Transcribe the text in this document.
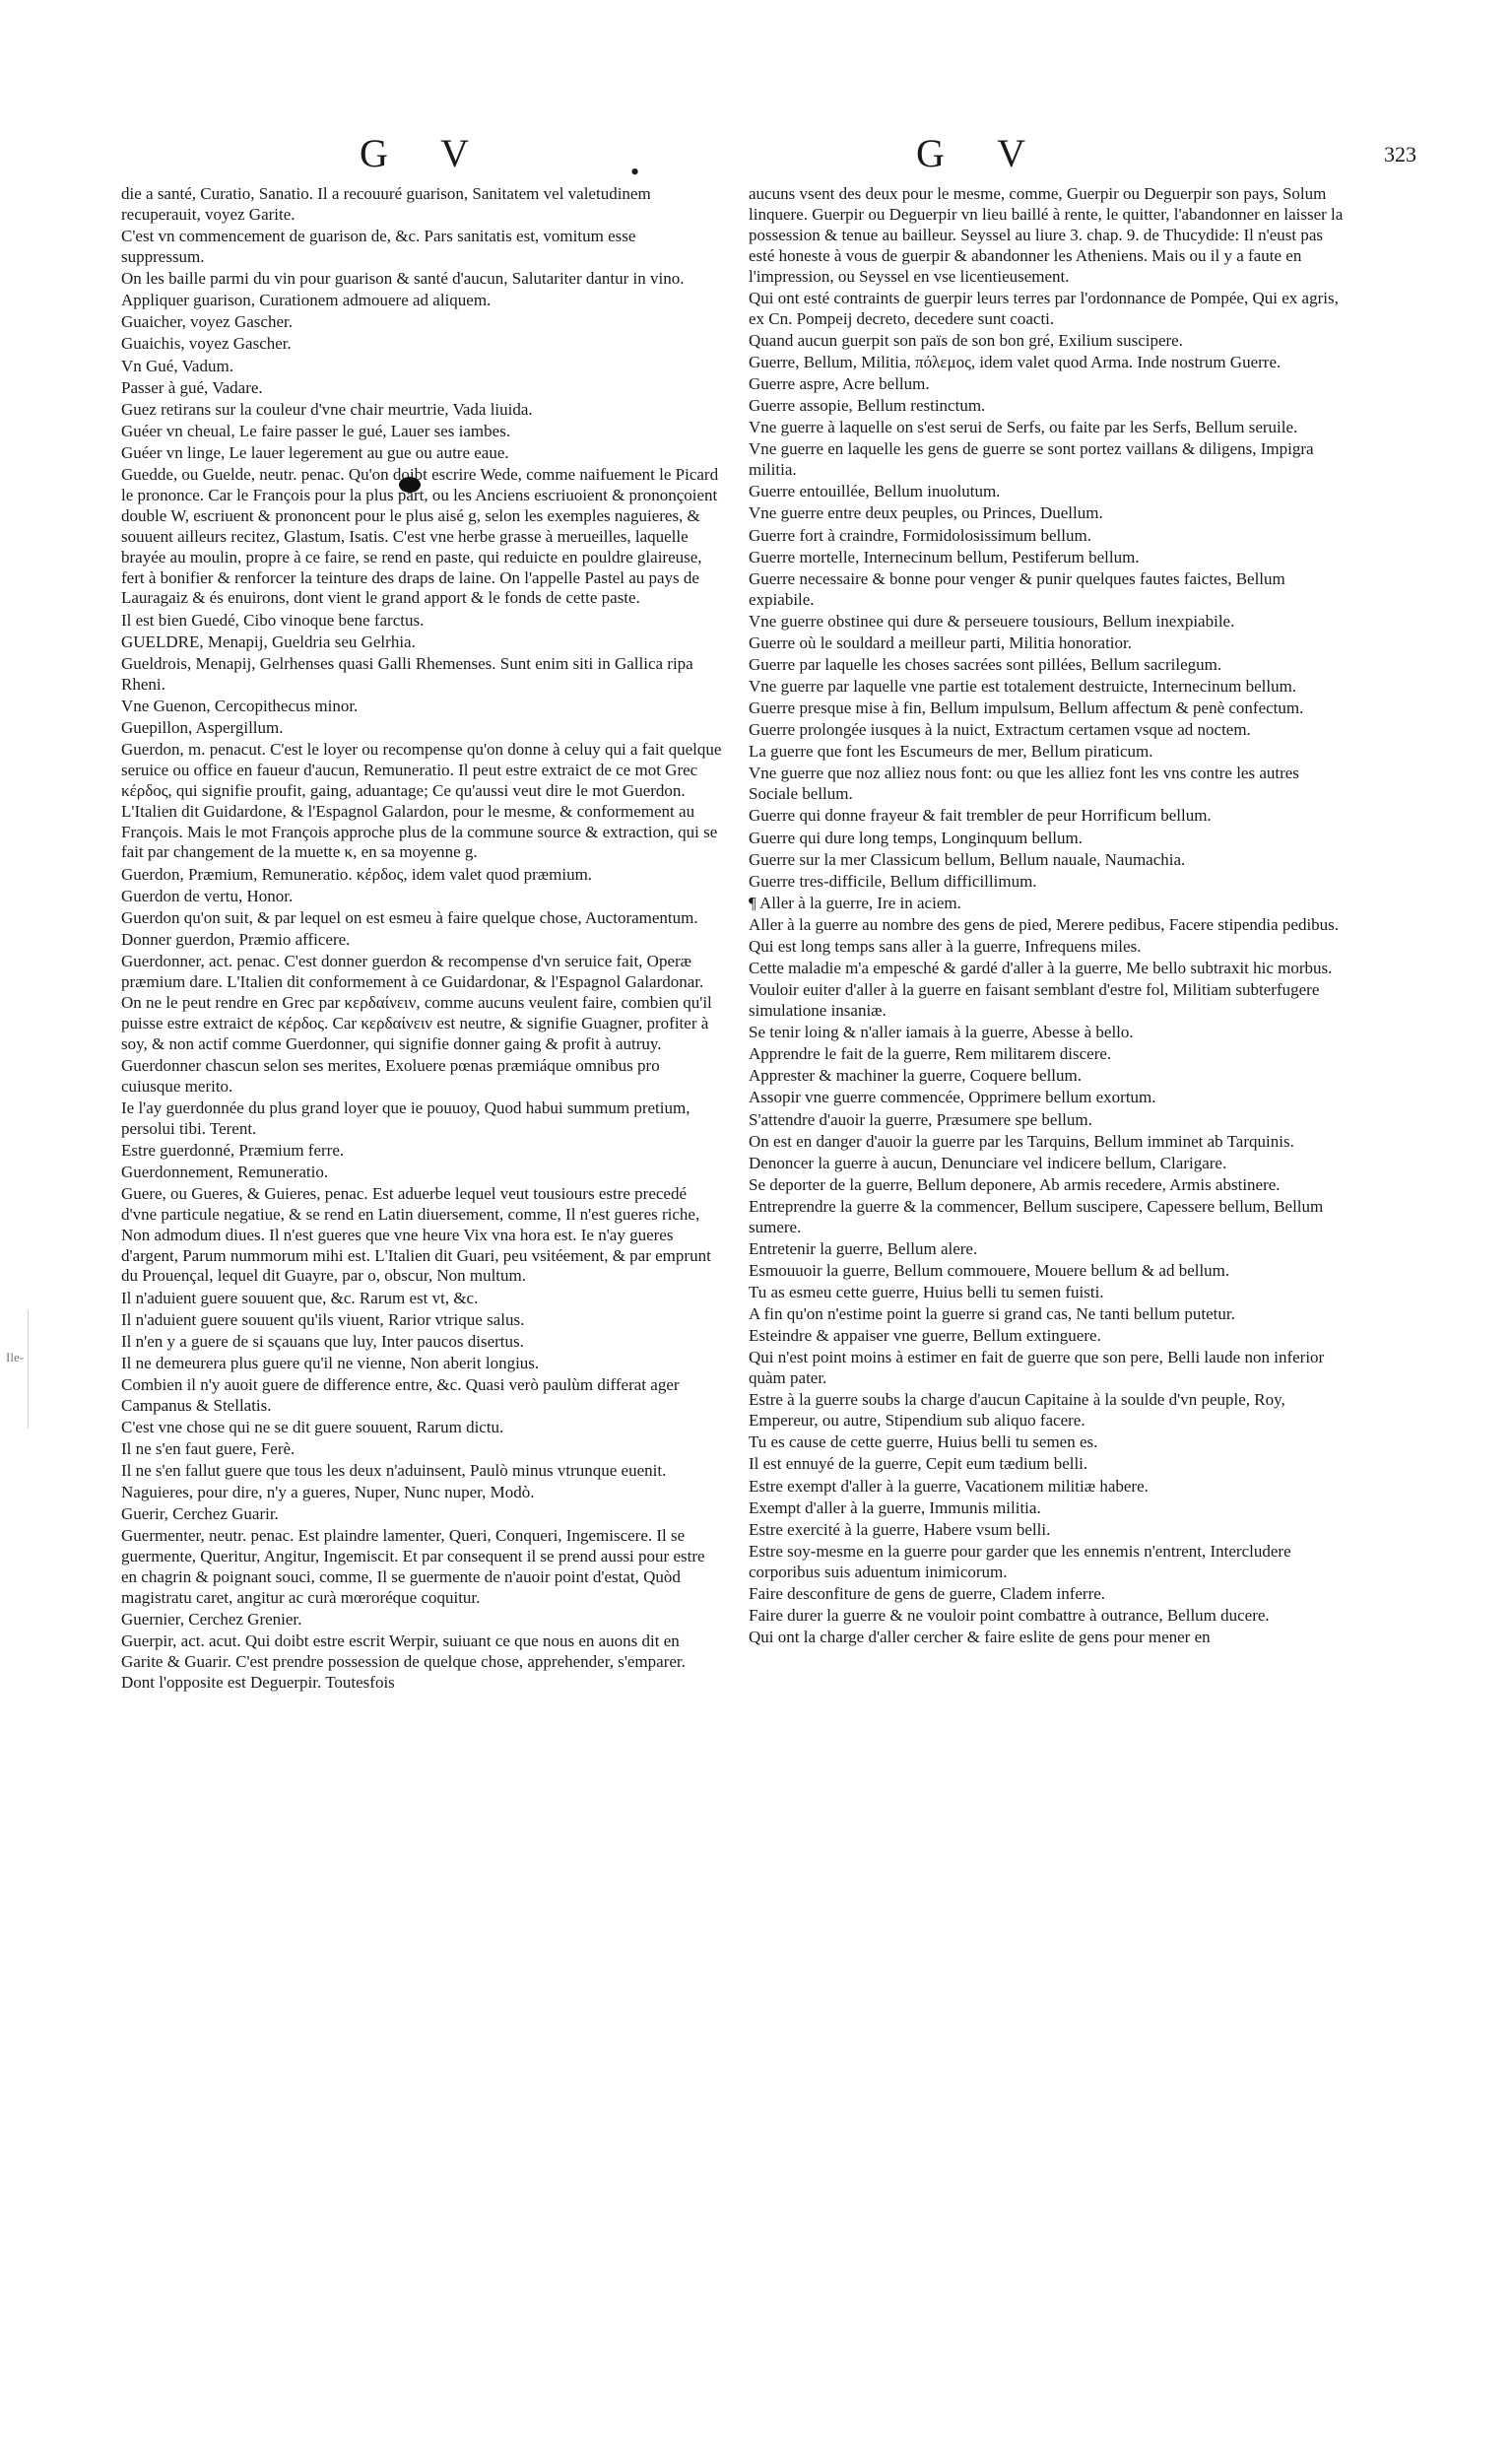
Ile-
G V	•	G V	323

die a santé, Curatio, Sanatio. Il a recouuré guarison, Sanitatem vel valetudinem recuperauit, voyez Garite.

C'est vn commencement de guarison de, &c. Pars sanitatis est, vomitum esse suppressum.

On les baille parmi du vin pour guarison & santé d'aucun, Salutariter dantur in vino.

Appliquer guarison, Curationem admouere ad aliquem.

Guaicher, voyez Gascher.

Guaichis, voyez Gascher.

Vn Gué, Vadum.

Passer à gué, Vadare.

Guez retirans sur la couleur d'vne chair meurtrie, Vada liuida.

Guéer vn cheual, Le faire passer le gué, Lauer ses iambes.

Guéer vn linge, Le lauer legerement au gue ou autre eaue.

Guedde, ou Guelde, neutr. penac. Qu'on doibt escrire Wede, comme naifuement le Picard le prononce. Car le François pour la plus part, ou les Anciens escriuoient & prononçoient double W, escriuent & prononcent pour le plus aisé g, selon les exemples naguieres, & souuent ailleurs recitez, Glastum, Isatis. C'est vne herbe grasse à merueilles, laquelle brayée au moulin, propre à ce faire, se rend en paste, qui reduicte en pouldre glaireuse, fert à bonifier & renforcer la teinture des draps de laine. On l'appelle Pastel au pays de Lauragaiz & és enuirons, dont vient le grand apport & le fonds de cette paste.

Il est bien Guedé, Cibo vinoque bene farctus.

GUELDRE, Menapij, Gueldria seu Gelrhia.

Gueldrois, Menapij, Gelrhenses quasi Galli Rhemenses. Sunt enim siti in Gallica ripa Rheni.

Vne Guenon, Cercopithecus minor.

Guepillon, Aspergillum.

Guerdon, m. penacut. C'est le loyer ou recompense qu'on donne à celuy qui a fait quelque seruice ou office en faueur d'aucun, Remuneratio. Il peut estre extraict de ce mot Grec κέρδος, qui signifie proufit, gaing, aduantage; Ce qu'aussi veut dire le mot Guerdon. L'Italien dit Guidardone, & l'Espagnol Galardon, pour le mesme, & conformement au François. Mais le mot François approche plus de la commune source & extraction, qui se fait par changement de la muette κ, en sa moyenne g.

Guerdon, Præmium, Remuneratio. κέρδος, idem valet quod præmium.

Guerdon de vertu, Honor.

Guerdon qu'on suit, & par lequel on est esmeu à faire quelque chose, Auctoramentum.

Donner guerdon, Præmio afficere.

Guerdonner, act. penac. C'est donner guerdon & recompense d'vn seruice fait, Operæ præmium dare. L'Italien dit conformement à ce Guidardonar, & l'Espagnol Galardonar. On ne le peut rendre en Grec par κερδαίνειν, comme aucuns veulent faire, combien qu'il puisse estre extraict de κέρδος. Car κερδαίνειν est neutre, & signifie Guagner, profiter à soy, & non actif comme Guerdonner, qui signifie donner gaing & profit à autruy.

Guerdonner chascun selon ses merites, Exoluere pœnas præmiáque omnibus pro cuiusque merito.

Ie l'ay guerdonnée du plus grand loyer que ie pouuoy, Quod habui summum pretium, persolui tibi. Terent.

Estre guerdonné, Præmium ferre.

Guerdonnement, Remuneratio.

Guere, ou Gueres, & Guieres, penac. Est aduerbe lequel veut tousiours estre precedé d'vne particule negatiue, & se rend en Latin diuersement, comme, Il n'est gueres riche, Non admodum diues. Il n'est gueres que vne heure Vix vna hora est. Ie n'ay gueres d'argent, Parum nummorum mihi est. L'Italien dit Guari, peu vsitéement, & par emprunt du Prouençal, lequel dit Guayre, par o, obscur, Non multum.

Il n'aduient guere souuent que, &c. Rarum est vt, &c.

Il n'aduient guere souuent qu'ils viuent, Rarior vtrique salus.

Il n'en y a guere de si sçauans que luy, Inter paucos disertus.

Il ne demeurera plus guere qu'il ne vienne, Non aberit longius.

Combien il n'y auoit guere de difference entre, &c. Quasi verò paulùm differat ager Campanus & Stellatis.

C'est vne chose qui ne se dit guere souuent, Rarum dictu.

Il ne s'en faut guere, Ferè.

Il ne s'en fallut guere que tous les deux n'aduinsent, Paulò minus vtrunque euenit.

Naguieres, pour dire, n'y a gueres, Nuper, Nunc nuper, Modò.

Guerir, Cerchez Guarir.

Guermenter, neutr. penac. Est plaindre lamenter, Queri, Conqueri, Ingemiscere. Il se guermente, Queritur, Angitur, Ingemiscit. Et par consequent il se prend aussi pour estre en chagrin & poignant souci, comme, Il se guermente de n'auoir point d'estat, Quòd magistratu caret, angitur ac curà mœroréque coquitur.

Guernier, Cerchez Grenier.

Guerpir, act. acut. Qui doibt estre escrit Werpir, suiuant ce que nous en auons dit en Garite & Guarir. C'est prendre possession de quelque chose, apprehender, s'emparer. Dont l'opposite est Deguerpir. Toutesfois

aucuns vsent des deux pour le mesme, comme, Guerpir ou Deguerpir son pays, Solum linquere. Guerpir ou Deguerpir vn lieu baillé à rente, le quitter, l'abandonner en laisser la possession & tenue au bailleur. Seyssel au liure 3. chap. 9. de Thucydide: Il n'eust pas esté honeste à vous de guerpir & abandonner les Atheniens. Mais ou il y a faute en l'impression, ou Seyssel en vse licentieusement.

Qui ont esté contraints de guerpir leurs terres par l'ordonnance de Pompée, Qui ex agris, ex Cn. Pompeij decreto, decedere sunt coacti.

Quand aucun guerpit son païs de son bon gré, Exilium suscipere.

Guerre, Bellum, Militia, πόλεμος, idem valet quod Arma. Inde nostrum Guerre.

Guerre aspre, Acre bellum.

Guerre assopie, Bellum restinctum.

Vne guerre à laquelle on s'est serui de Serfs, ou faite par les Serfs, Bellum seruile.

Vne guerre en laquelle les gens de guerre se sont portez vaillans & diligens, Impigra militia.

Guerre entouillée, Bellum inuolutum.

Vne guerre entre deux peuples, ou Princes, Duellum.

Guerre fort à craindre, Formidolosissimum bellum.

Guerre mortelle, Internecinum bellum, Pestiferum bellum.

Guerre necessaire & bonne pour venger & punir quelques fautes faictes, Bellum expiabile.

Vne guerre obstinee qui dure & perseuere tousiours, Bellum inexpiabile.

Guerre où le souldard a meilleur parti, Militia honoratior.

Guerre par laquelle les choses sacrées sont pillées, Bellum sacrilegum.

Vne guerre par laquelle vne partie est totalement destruicte, Internecinum bellum.

Guerre presque mise à fin, Bellum impulsum, Bellum affectum & penè confectum.

Guerre prolongée iusques à la nuict, Extractum certamen vsque ad noctem.

La guerre que font les Escumeurs de mer, Bellum piraticum.

Vne guerre que noz alliez nous font: ou que les alliez font les vns contre les autres Sociale bellum.

Guerre qui donne frayeur & fait trembler de peur Horrificum bellum.

Guerre qui dure long temps, Longinquum bellum.

Guerre sur la mer Classicum bellum, Bellum nauale, Naumachia.

Guerre tres-difficile, Bellum difficillimum.

¶ Aller à la guerre, Ire in aciem.

Aller à la guerre au nombre des gens de pied, Merere pedibus, Facere stipendia pedibus.

Qui est long temps sans aller à la guerre, Infrequens miles.

Cette maladie m'a empesché & gardé d'aller à la guerre, Me bello subtraxit hic morbus.

Vouloir euiter d'aller à la guerre en faisant semblant d'estre fol, Militiam subterfugere simulatione insaniæ.

Se tenir loing & n'aller iamais à la guerre, Abesse à bello.

Apprendre le fait de la guerre, Rem militarem discere.

Apprester & machiner la guerre, Coquere bellum.

Assopir vne guerre commencée, Opprimere bellum exortum.

S'attendre d'auoir la guerre, Præsumere spe bellum.

On est en danger d'auoir la guerre par les Tarquins, Bellum imminet ab Tarquinis.

Denoncer la guerre à aucun, Denunciare vel indicere bellum, Clarigare.

Se deporter de la guerre, Bellum deponere, Ab armis recedere, Armis abstinere.

Entreprendre la guerre & la commencer, Bellum suscipere, Capessere bellum, Bellum sumere.

Entretenir la guerre, Bellum alere.

Esmouuoir la guerre, Bellum commouere, Mouere bellum & ad bellum.

Tu as esmeu cette guerre, Huius belli tu semen fuisti.

A fin qu'on n'estime point la guerre si grand cas, Ne tanti bellum putetur.

Esteindre & appaiser vne guerre, Bellum extinguere.

Qui n'est point moins à estimer en fait de guerre que son pere, Belli laude non inferior quàm pater.

Estre à la guerre soubs la charge d'aucun Capitaine à la soulde d'vn peuple, Roy, Empereur, ou autre, Stipendium sub aliquo facere.

Tu es cause de cette guerre, Huius belli tu semen es.

Il est ennuyé de la guerre, Cepit eum tædium belli.

Estre exempt d'aller à la guerre, Vacationem militiæ habere.

Exempt d'aller à la guerre, Immunis militia.

Estre exercité à la guerre, Habere vsum belli.

Estre soy-mesme en la guerre pour garder que les ennemis n'entrent, Intercludere corporibus suis aduentum inimicorum.

Faire desconfiture de gens de guerre, Cladem inferre.

Faire durer la guerre & ne vouloir point combattre à outrance, Bellum ducere.

Qui ont la charge d'aller cercher & faire eslite de gens pour mener en
